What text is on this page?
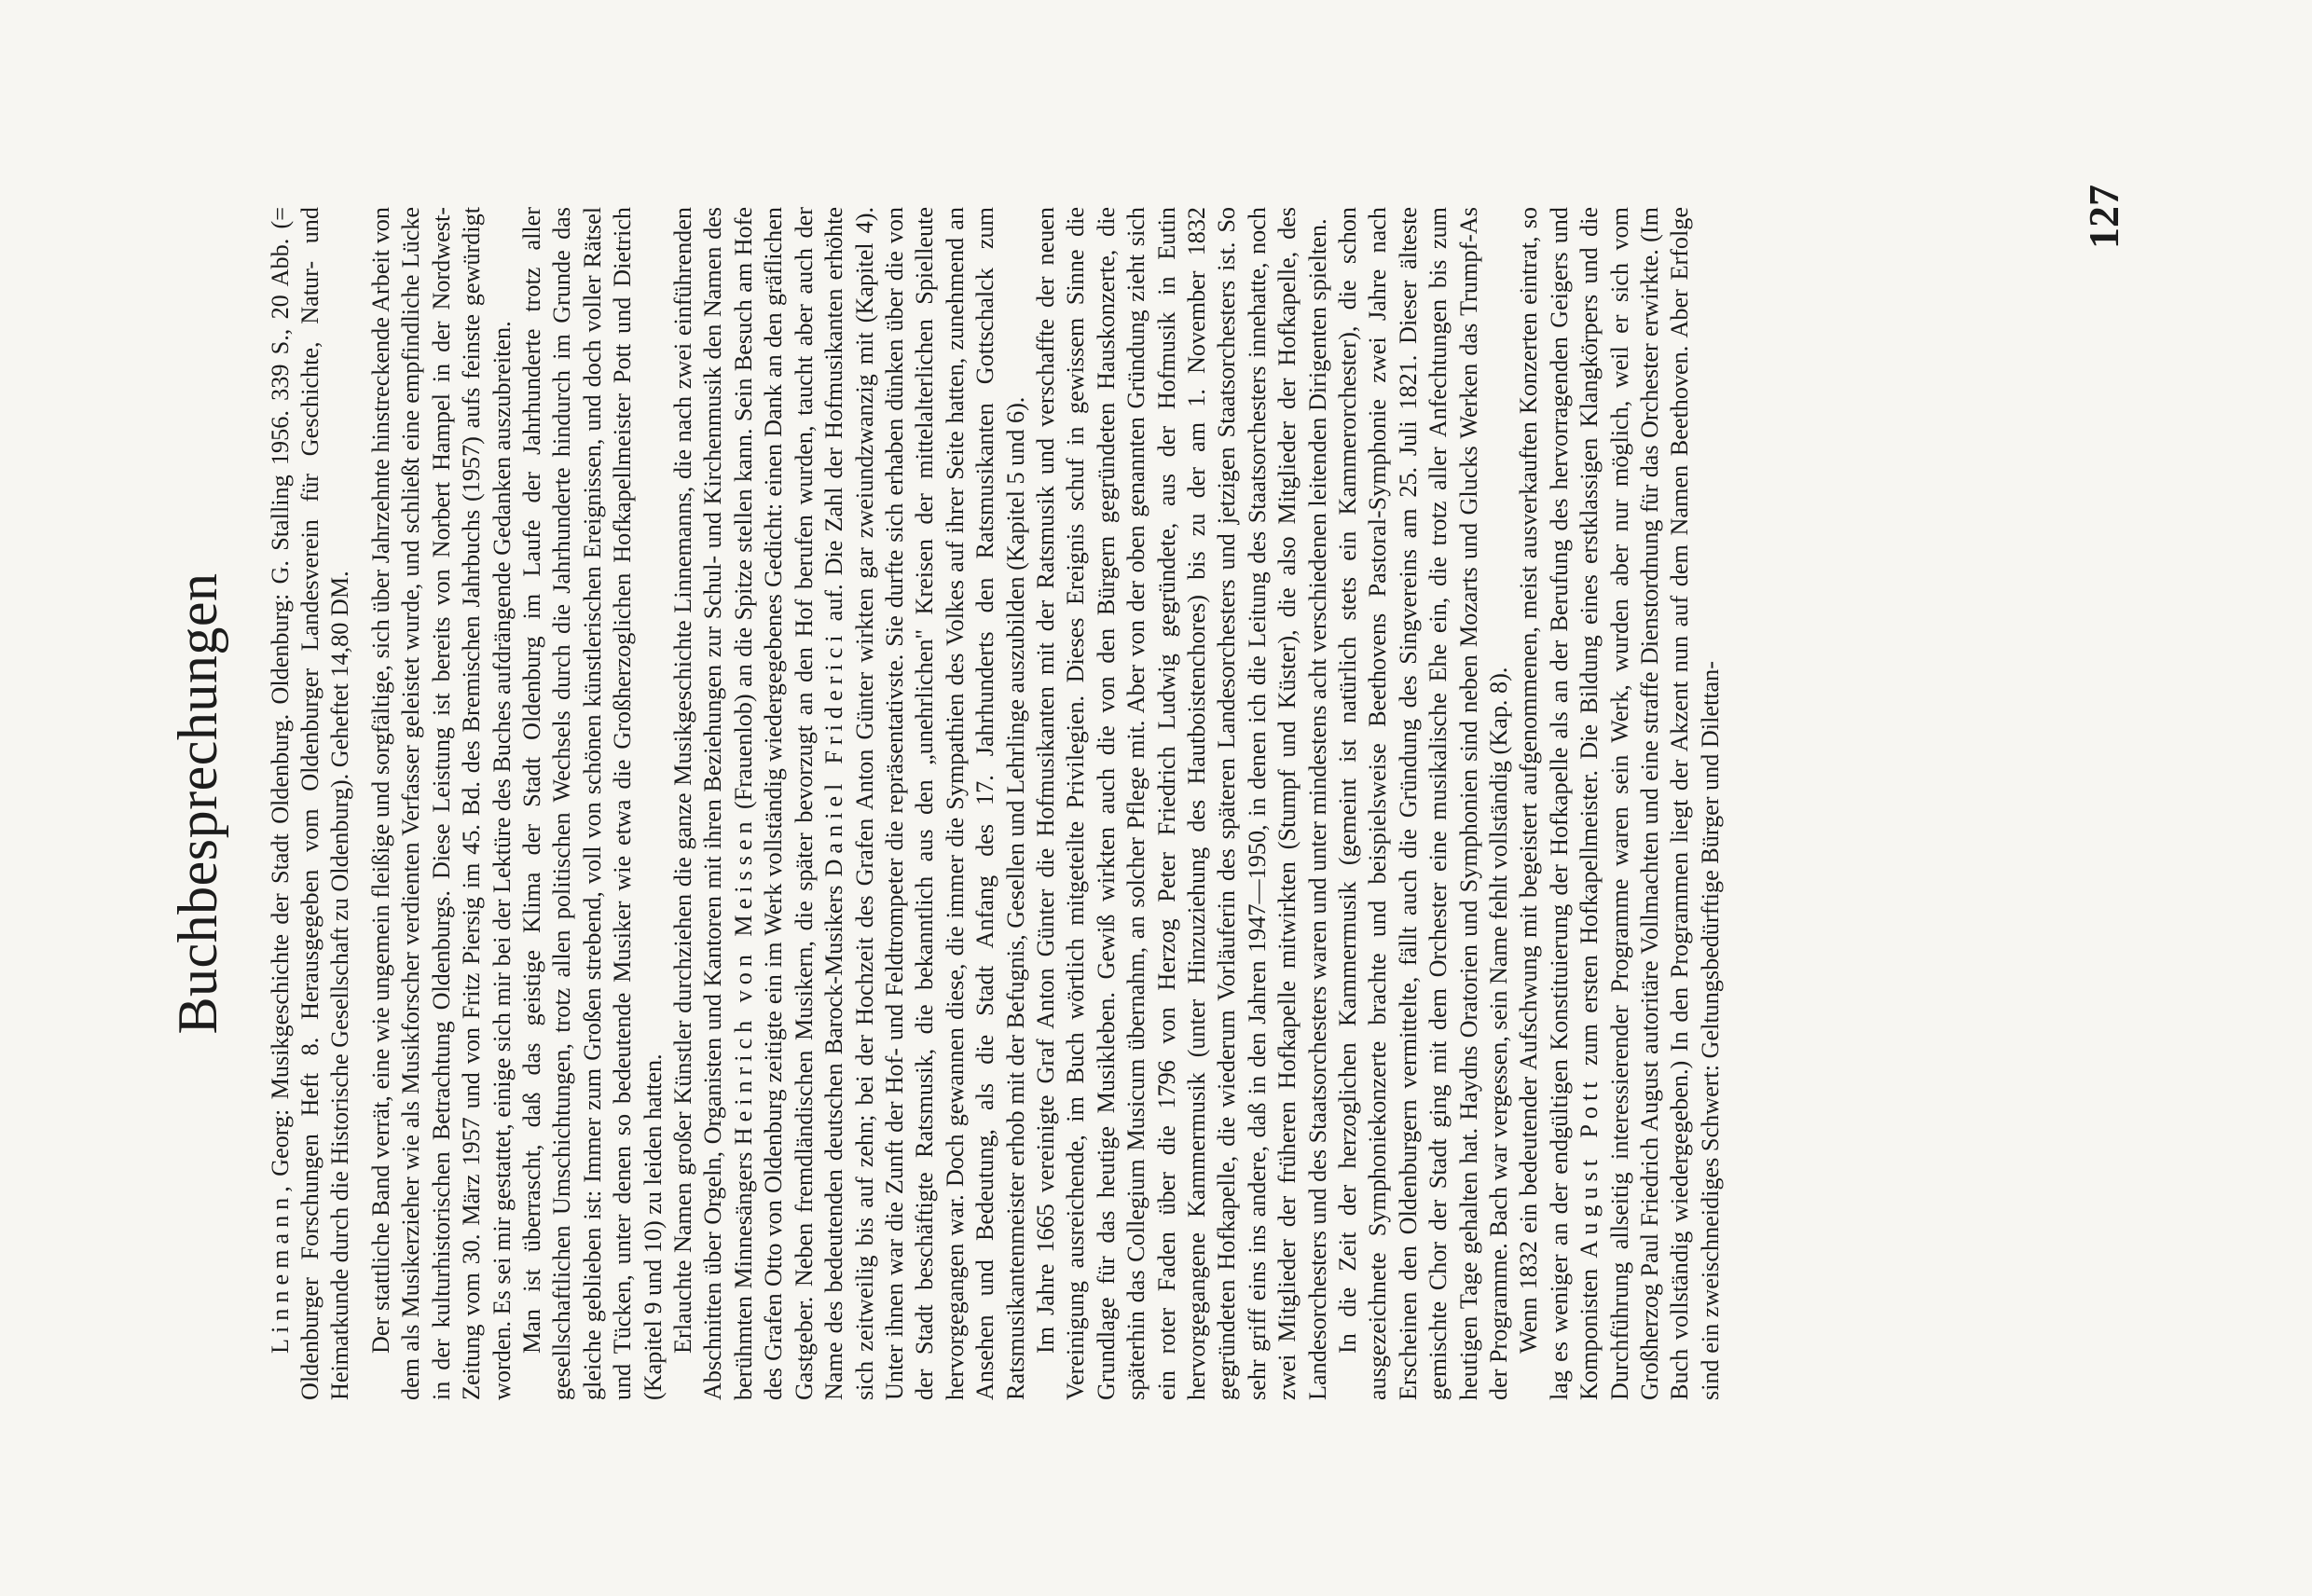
Buchbesprechungen

Linnemann, Georg: Musikgeschichte der Stadt Oldenburg. Oldenburg: G. Stalling 1956. 339 S., 20 Abb. (= Oldenburger Forschungen Heft 8. Herausgegeben vom Oldenburger Landesverein für Geschichte, Natur- und Heimatkunde durch die Historische Gesellschaft zu Oldenburg). Geheftet 14,80 DM. Der stattliche Band verrät, eine wie ungemein fleißige und sorgfältige, sich über Jahrzehnte hinstreckende Arbeit von dem als Musikerzieher wie als Musikforscher verdienten Verfasser geleistet wurde, und schließt eine empfindliche Lücke in der kulturhistorischen Betrachtung Oldenburgs. Diese Leistung ist bereits von Norbert Hampel in der Nordwest-Zeitung vom 30. März 1957 und von Fritz Piersig im 45. Bd. des Bremischen Jahrbuchs (1957) aufs feinste gewürdigt worden. Es sei mir gestattet, einige sich mir bei der Lektüre des Buches aufdrängende Gedanken auszubreiten. Man ist überrascht, daß das geistige Klima der Stadt Oldenburg im Laufe der Jahrhunderte trotz aller gesellschaftlichen Umschichtungen, trotz allen politischen Wechsels durch die Jahrhunderte hindurch im Grunde das gleiche geblieben ist: Immer zum Großen strebend, voll von schönen künstlerischen Ereignissen, und doch voller Rätsel und Tücken, unter denen so bedeutende Musiker wie etwa die Großherzoglichen Hofkapellmeister Pott und Dietrich (Kapitel 9 und 10) zu leiden hatten. Erlauchte Namen großer Künstler durchziehen die ganze Musikgeschichte Linnemanns, die nach zwei einführenden Abschnitten über Orgeln, Organisten und Kantoren mit ihren Beziehungen zur Schul- und Kirchenmusik den Namen des berühmten Minnesängers Heinrich von Meissen (Frauenlob) an die Spitze stellen kann. Sein Besuch am Hofe des Grafen Otto von Oldenburg zeitigte ein im Werk vollständig wiedergegebenes Gedicht: einen Dank an den gräflichen Gastgeber. Neben fremdländischen Musikern, die später bevorzugt an den Hof berufen wurden, taucht aber auch der Name des bedeutenden deutschen Barock-Musikers Daniel Friderici auf. Die Zahl der Hofmusikanten erhöhte sich zeitweilig bis auf zehn; bei der Hochzeit des Grafen Anton Günter wirkten gar zweiundzwanzig mit (Kapitel 4). Unter ihnen war die Zunft der Hof- und Feldtrompeter die repräsentativste. Sie durfte sich erhaben dünken über die von der Stadt beschäftigte Ratsmusik, die bekanntlich aus den „unehrlichen" Kreisen der mittelalterlichen Spielleute hervorgegangen war. Doch gewannen diese, die immer die Sympathien des Volkes auf ihrer Seite hatten, zunehmend an Ansehen und Bedeutung, als die Stadt Anfang des 17. Jahrhunderts den Ratsmusikanten Gottschalck zum Ratsmusikantenmeister erhob mit der Befugnis, Gesellen und Lehrlinge auszubilden (Kapitel 5 und 6). Im Jahre 1665 vereinigte Graf Anton Günter die Hofmusikanten mit der Ratsmusik und verschaffte der neuen Vereinigung ausreichende, im Buch wörtlich mitgeteilte Privilegien. Dieses Ereignis schuf in gewissem Sinne die Grundlage für das heutige Musikleben. Gewiß wirkten auch die von den Bürgern gegründeten Hauskonzerte, die späterhin das Collegium Musicum übernahm, an solcher Pflege mit. Aber von der oben genannten Gründung zieht sich ein roter Faden über die 1796 von Herzog Peter Friedrich Ludwig gegründete, aus der Hofmusik in Eutin hervorgegangene Kammermusik (unter Hinzuziehung des Hautboistenchores) bis zu der am 1. November 1832 gegründeten Hofkapelle, die wiederum Vorläuferin des späteren Landesorchesters und jetzigen Staatsorchesters ist. So sehr griff eins ins andere, daß in den Jahren 1947—1950, in denen ich die Leitung des Staatsorchesters innehatte, noch zwei Mitglieder der früheren Hofkapelle mitwirkten (Stumpf und Küster), die also Mitglieder der Hofkapelle, des Landesorchesters und des Staatsorchesters waren und unter mindestens acht verschiedenen leitenden Dirigenten spielten. In die Zeit der herzoglichen Kammermusik (gemeint ist natürlich stets ein Kammerorchester), die schon ausgezeichnete Symphoniekonzerte brachte und beispielsweise Beethovens Pastoral-Symphonie zwei Jahre nach Erscheinen den Oldenburgern vermittelte, fällt auch die Gründung des Singvereins am 25. Juli 1821. Dieser älteste gemischte Chor der Stadt ging mit dem Orchester eine musikalische Ehe ein, die trotz aller Anfechtungen bis zum heutigen Tage gehalten hat. Haydns Oratorien und Symphonien sind neben Mozarts und Glucks Werken das Trumpf-As der Programme. Bach war vergessen, sein Name fehlt vollständig (Kap. 8). Wenn 1832 ein bedeutender Aufschwung mit begeistert aufgenommenen, meist ausverkauften Konzerten eintrat, so lag es weniger an der endgültigen Konstituierung der Hofkapelle als an der Berufung des hervorragenden Geigers und Komponisten August Pott zum ersten Hofkapellmeister. Die Bildung eines erstklassigen Klangkörpers und die Durchführung allseitig interessierender Programme waren sein Werk, wurden aber nur möglich, weil er sich vom Großherzog Paul Friedrich August autoritäre Vollmachten und eine straffe Dienstordnung für das Orchester erwirkte. (Im Buch vollständig wiedergegeben.) In den Programmen liegt der Akzent nun auf dem Namen Beethoven. Aber Erfolge sind ein zweischneidiges Schwert: Geltungsbedürftige Bürger und Dilettan-

127
